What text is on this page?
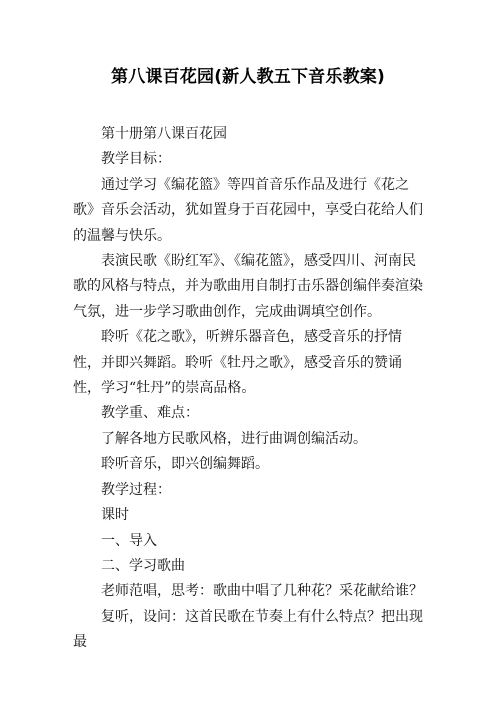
第八课百花园(新人教五下音乐教案)

第十册第八课百花园

教学目标：

通过学习《编花篮》等四首音乐作品及进行《花之歌》音乐会活动，犹如置身于百花园中，享受白花给人们的温馨与快乐。

表演民歌《盼红军》、《编花篮》，感受四川、河南民歌的风格与特点，并为歌曲用自制打击乐器创编伴奏渲染气氛，进一步学习歌曲创作，完成曲调填空创作。

聆听《花之歌》，听辨乐器音色，感受音乐的抒情性，并即兴舞蹈。聆听《牡丹之歌》，感受音乐的赞诵性，学习“牡丹”的崇高品格。

教学重、难点：

了解各地方民歌风格，进行曲调创编活动。

聆听音乐，即兴创编舞蹈。

教学过程：

课时

一、导入

二、学习歌曲

老师范唱，思考：歌曲中唱了几种花？采花献给谁？

复听，设问：这首民歌在节奏上有什么特点？把出现最
